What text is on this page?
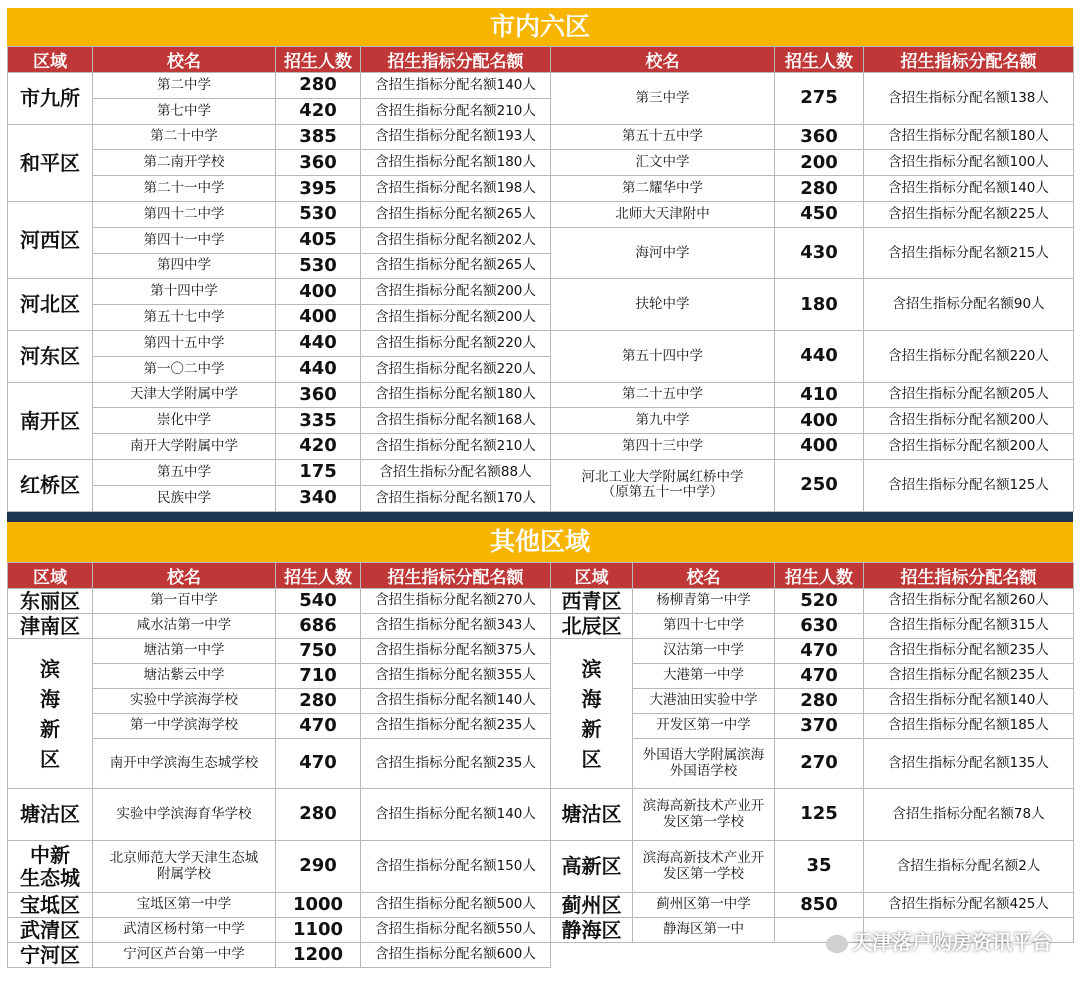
市内六区
区域	校名	招生人数	招生指标分配名额	校名	招生人数	招生指标分配名额
市九所	第二中学	280	含招生指标分配名额140人	第三中学	275	含招生指标分配名额138人
	第七中学	420	含招生指标分配名额210人			
和平区	第二十中学	385	含招生指标分配名额193人	第五十五中学	360	含招生指标分配名额180人
	第二南开学校	360	含招生指标分配名额180人	汇文中学	200	含招生指标分配名额100人
	第二十一中学	395	含招生指标分配名额198人	第二耀华中学	280	含招生指标分配名额140人
河西区	第四十二中学	530	含招生指标分配名额265人	北师大天津附中	450	含招生指标分配名额225人
	第四十一中学	405	含招生指标分配名额202人	海河中学	430	含招生指标分配名额215人
	第四中学	530	含招生指标分配名额265人			
河北区	第十四中学	400	含招生指标分配名额200人	扶轮中学	180	含招生指标分配名额90人
	第五十七中学	400	含招生指标分配名额200人			
河东区	第四十五中学	440	含招生指标分配名额220人	第五十四中学	440	含招生指标分配名额220人
	第一〇二中学	440	含招生指标分配名额220人			
南开区	天津大学附属中学	360	含招生指标分配名额180人	第二十五中学	410	含招生指标分配名额205人
	崇化中学	335	含招生指标分配名额168人	第九中学	400	含招生指标分配名额200人
	南开大学附属中学	420	含招生指标分配名额210人	第四十三中学	400	含招生指标分配名额200人
红桥区	第五中学	175	含招生指标分配名额88人	河北工业大学附属红桥中学
（原第五十一中学）	250	含招生指标分配名额125人
	民族中学	340	含招生指标分配名额170人			
其他区域
区域	校名	招生人数	招生指标分配名额	区域	校名	招生人数	招生指标分配名额
东丽区	第一百中学	540	含招生指标分配名额270人	西青区	杨柳青第一中学	520	含招生指标分配名额260人
津南区	咸水沽第一中学	686	含招生指标分配名额343人	北辰区	第四十七中学	630	含招生指标分配名额315人
滨
海
新
区	塘沽第一中学	750	含招生指标分配名额375人	滨
海
新
区	汉沽第一中学	470	含招生指标分配名额235人
	塘沽紫云中学	710	含招生指标分配名额355人		大港第一中学	470	含招生指标分配名额235人
	实验中学滨海学校	280	含招生指标分配名额140人		大港油田实验中学	280	含招生指标分配名额140人
	第一中学滨海学校	470	含招生指标分配名额235人		开发区第一中学	370	含招生指标分配名额185人
	南开中学滨海生态城学校	470	含招生指标分配名额235人		外国语大学附属滨海
外国语学校	270	含招生指标分配名额135人
塘沽区	实验中学滨海育华学校	280	含招生指标分配名额140人	塘沽区	滨海高新技术产业开
发区第一学校	125	含招生指标分配名额78人
中新
生态城	北京师范大学天津生态城
附属学校	290	含招生指标分配名额150人	高新区	滨海高新技术产业开
发区第一学校	35	含招生指标分配名额2人
宝坻区	宝坻区第一中学	1000	含招生指标分配名额500人	蓟州区	蓟州区第一中学	850	含招生指标分配名额425人
武清区	武清区杨村第一中学	1100	含招生指标分配名额550人	静海区	静海区第一中		
宁河区	宁河区芦台第一中学	1200	含招生指标分配名额600人				
天津落户购房资讯平台
